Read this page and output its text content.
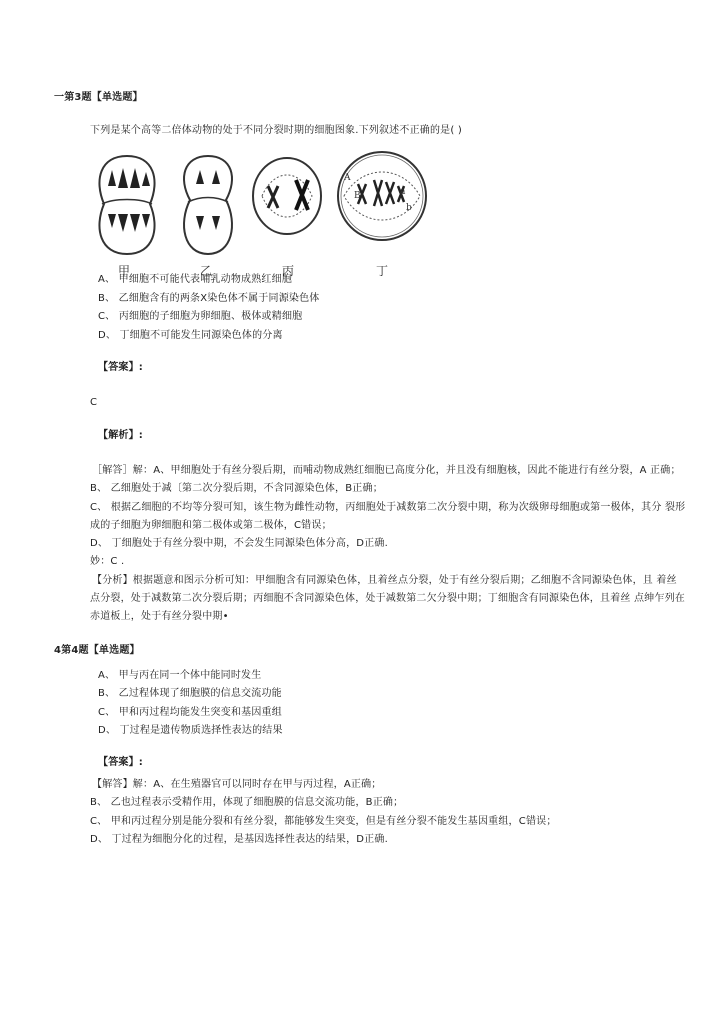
一第3题【单选题】
下列是某个高等二倍体动物的处于不同分裂时期的细胞图象.下列叙述不正确的是( )
A
B	a
b
甲	乙	丙	丁
A、 甲细胞不可能代表哺乳动物成熟红细胞
B、 乙细胞含有的两条X染色体不属于同源染色体
C、 丙细胞的子细胞为卵细胞、极体或精细胞
D、 丁细胞不可能发生同源染色体的分离
【答案】:
C
【解析】:
［解答］解：A、甲细胞处于有丝分裂后期，而哺动物成熟红细胞已高度分化，并且没有细胞核，因此不能进行有丝分裂，A 正确；
B、 乙细胞处于减〔第二次分裂后期，不含同源染色体，B正确；
C、 根据乙细胞的不均等分裂可知，该生物为雌性动物，丙细胞处于减数第二次分裂中期，称为次级卵母细胞或第一极体，其分 裂形
成的子细胞为卵细胞和第二极体或第二极体，C错误；
D、 丁细胞处于有丝分裂中期，不会发生同源染色体分高，D正确.
妙：C .
【分析】根据题意和图示分析可知：甲细胞含有同源染色体，且着丝点分裂，处于有丝分裂后期；乙细胞不含同源染色体，且 着丝
点分裂，处于减数第二次分裂后期；丙细胞不含同源染色体，处于减数第二欠分裂中期；丁细胞含有同源染色体，且着丝 点绅乍列在
赤道板上，处于有丝分裂中期•
4第4题【单选题】
A、 甲与丙在同一个体中能同时发生
B、 乙过程体现了细胞膜的信息交流功能
C、 甲和丙过程均能发生突变和基因重组
D、 丁过程是遗传物质选择性表达的结果
【答案】:
【解答】解：A、在生殖器官可以同时存在甲与丙过程，A正确；
B、 乙也过程表示受精作用，体现了细胞膜的信息交流功能，B正确；
C、 甲和丙过程分别是能分裂和有丝分裂，都能够发生突变，但是有丝分裂不能发生基因重组，C错误；
D、 丁过程为细胞分化的过程，是基因选择性表达的结果，D正确.
